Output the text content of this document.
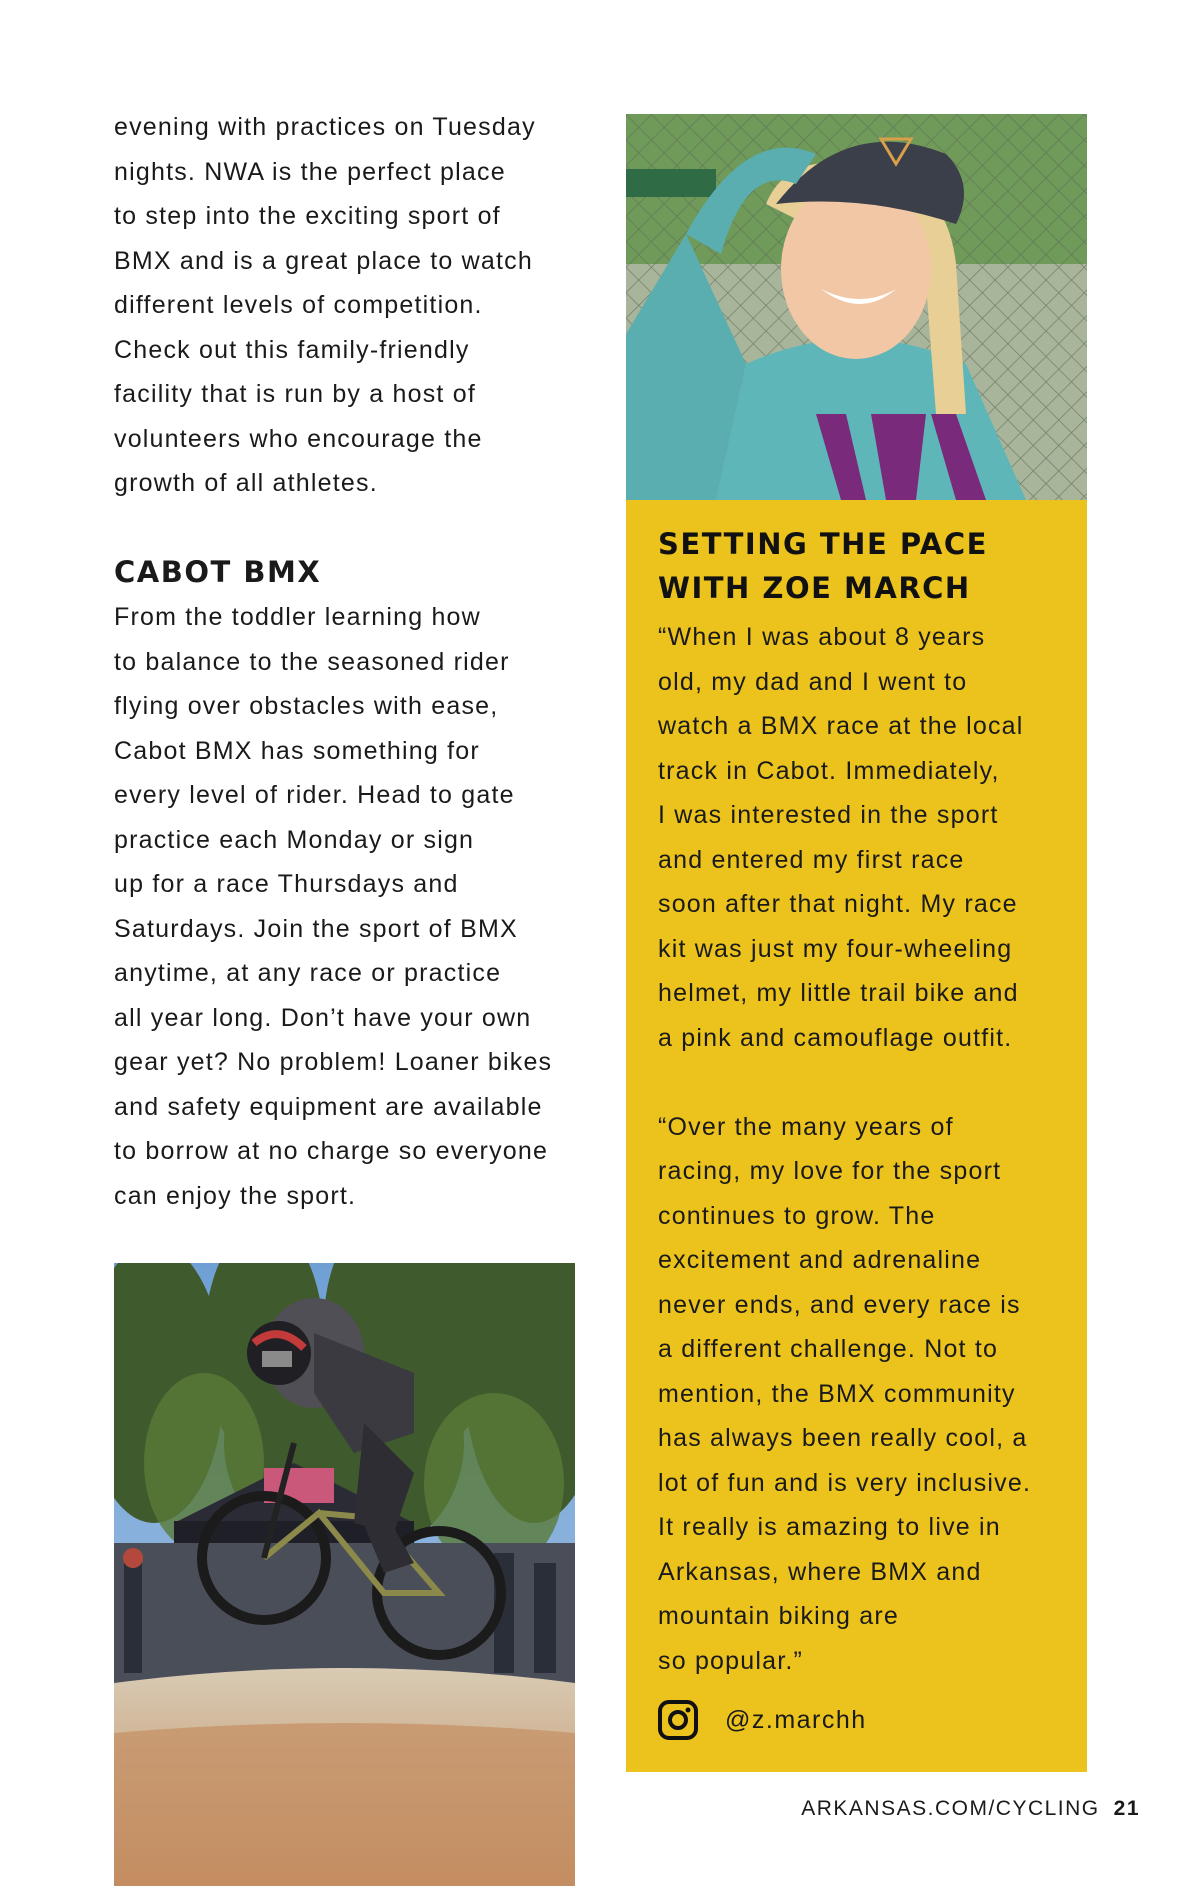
evening with practices on Tuesday

nights. NWA is the perfect place

to step into the exciting sport of

BMX and is a great place to watch

different levels of competition.

Check out this family-friendly

facility that is run by a host of

volunteers who encourage the

growth of all athletes.

CABOT BMX

From the toddler learning how

to balance to the seasoned rider

flying over obstacles with ease,

Cabot BMX has something for

every level of rider. Head to gate

practice each Monday or sign

up for a race Thursdays and

Saturdays. Join the sport of BMX

anytime, at any race or practice

all year long. Don’t have your own

gear yet? No problem! Loaner bikes

and safety equipment are available

to borrow at no charge so everyone

can enjoy the sport.

SETTING THE PACE
WITH ZOE MARCH

“When I was about 8 years

old, my dad and I went to

watch a BMX race at the local

track in Cabot. Immediately,

I was interested in the sport

and entered my first race

soon after that night. My race

kit was just my four-wheeling

helmet, my little trail bike and

a pink and camouflage outfit.

“Over the many years of

racing, my love for the sport

continues to grow. The

excitement and adrenaline

never ends, and every race is

a different challenge. Not to

mention, the BMX community

has always been really cool, a

lot of fun and is very inclusive.

It really is amazing to live in

Arkansas, where BMX and

mountain biking are

so popular.”

@z.marchh
ARKANSAS.COM/CYCLING 21
